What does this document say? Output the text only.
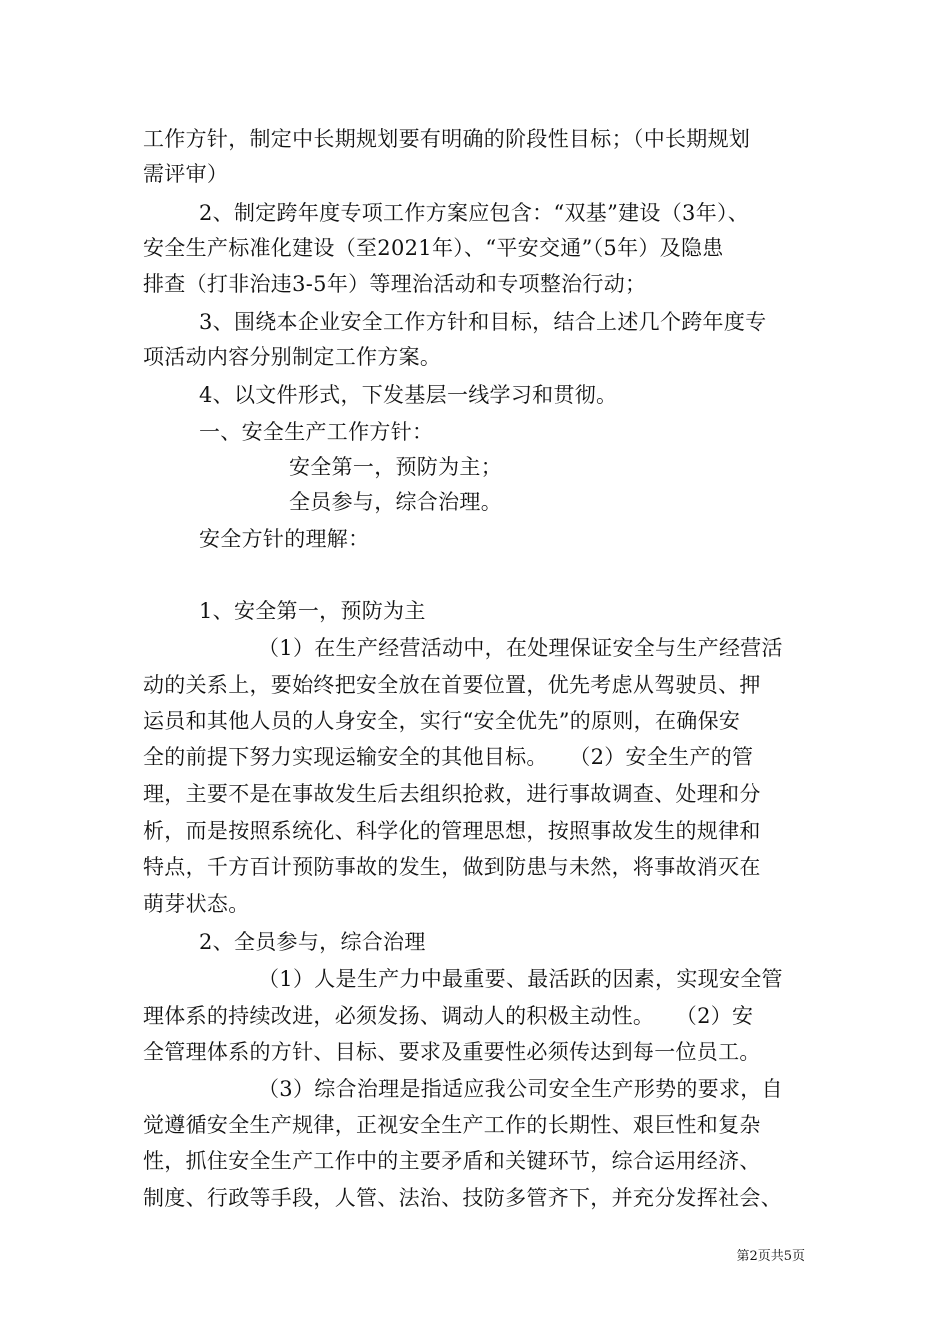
工作方针，制定中长期规划要有明确的阶段性目标；（中长期规划
需评审）
2、制定跨年度专项工作方案应包含：“双基”建设（3年）、
安全生产标准化建设（至2021年）、“平安交通”（5年）及隐患
排查（打非治违3-5年）等理治活动和专项整治行动；
3、围绕本企业安全工作方针和目标，结合上述几个跨年度专
项活动内容分别制定工作方案。
4、以文件形式，下发基层一线学习和贯彻。
一、安全生产工作方针：
安全第一，预防为主；
全员参与，综合治理。
安全方针的理解：
1、安全第一，预防为主
（1）在生产经营活动中，在处理保证安全与生产经营活
动的关系上，要始终把安全放在首要位置，优先考虑从驾驶员、押
运员和其他人员的人身安全，实行“安全优先”的原则，在确保安
全的前提下努力实现运输安全的其他目标。　　（2）安全生产的管
理，主要不是在事故发生后去组织抢救，进行事故调查、处理和分
析，而是按照系统化、科学化的管理思想，按照事故发生的规律和
特点，千方百计预防事故的发生，做到防患与未然，将事故消灭在
萌芽状态。
2、全员参与，综合治理
（1）人是生产力中最重要、最活跃的因素，实现安全管
理体系的持续改进，必须发扬、调动人的积极主动性。　　（2）安
全管理体系的方针、目标、要求及重要性必须传达到每一位员工。
（3）综合治理是指适应我公司安全生产形势的要求，自
觉遵循安全生产规律，正视安全生产工作的长期性、艰巨性和复杂
性，抓住安全生产工作中的主要矛盾和关键环节，综合运用经济、
制度、行政等手段，人管、法治、技防多管齐下，并充分发挥社会、
第2页共5页
